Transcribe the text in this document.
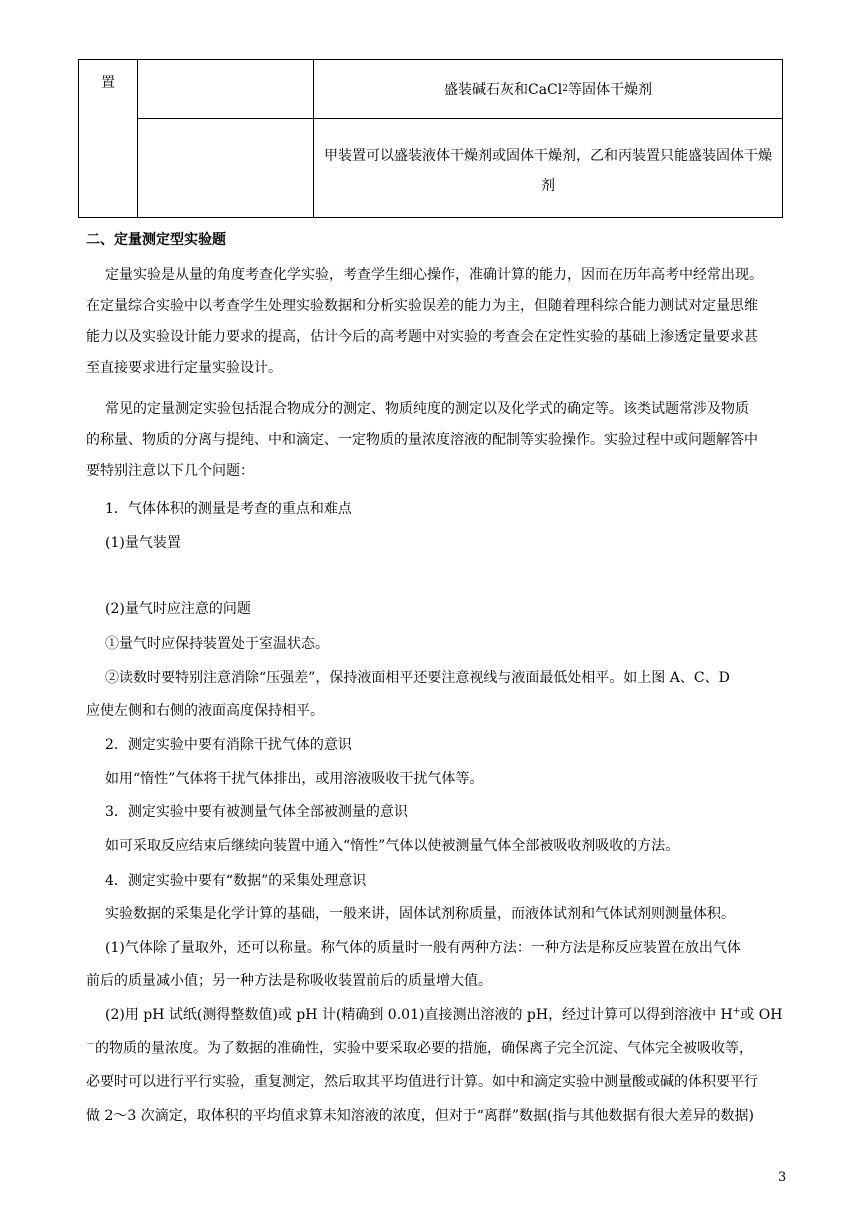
置		盛装碱石灰和CaCl 2 等固体干燥剂

		甲装置可以盛装液体干燥剂或固体干燥剂，乙和丙装置只能盛装固体干燥剂
二、定量测定型实验题
定量实验是从量的角度考查化学实验，考查学生细心操作，准确计算的能力，因而在历年高考中经常出现。
在定量综合实验中以考查学生处理实验数据和分析实验误差的能力为主，但随着理科综合能力测试对定量思维
能力以及实验设计能力要求的提高，估计今后的高考题中对实验的考查会在定性实验的基础上渗透定量要求甚
至直接要求进行定量实验设计。
常见的定量测定实验包括混合物成分的测定、物质纯度的测定以及化学式的确定等。该类试题常涉及物质
的称量、物质的分离与提纯、中和滴定、一定物质的量浓度溶液的配制等实验操作。实验过程中或问题解答中
要特别注意以下几个问题：
1．气体体积的测量是考查的重点和难点
(1)量气装置
(2)量气时应注意的问题
①量气时应保持装置处于室温状态。
②读数时要特别注意消除“压强差”，保持液面相平还要注意视线与液面最低处相平。如上图 A、C、D
应使左侧和右侧的液面高度保持相平。
2．测定实验中要有消除干扰气体的意识
如用“惰性”气体将干扰气体排出，或用溶液吸收干扰气体等。
3．测定实验中要有被测量气体全部被测量的意识
如可采取反应结束后继续向装置中通入“惰性”气体以使被测量气体全部被吸收剂吸收的方法。
4．测定实验中要有“数据”的采集处理意识
实验数据的采集是化学计算的基础，一般来讲，固体试剂称质量，而液体试剂和气体试剂则测量体积。
(1)气体除了量取外，还可以称量。称气体的质量时一般有两种方法：一种方法是称反应装置在放出气体
前后的质量减小值；另一种方法是称吸收装置前后的质量增大值。
(2)用 pH 试纸(测得整数值)或 pH 计(精确到 0.01)直接测出溶液的 pH，经过计算可以得到溶液中 H+或 OH
－的物质的量浓度。为了数据的准确性，实验中要采取必要的措施，确保离子完全沉淀、气体完全被吸收等，
必要时可以进行平行实验，重复测定，然后取其平均值进行计算。如中和滴定实验中测量酸或碱的体积要平行
做 2～3 次滴定，取体积的平均值求算未知溶液的浓度，但对于“离群”数据(指与其他数据有很大差异的数据)
3
